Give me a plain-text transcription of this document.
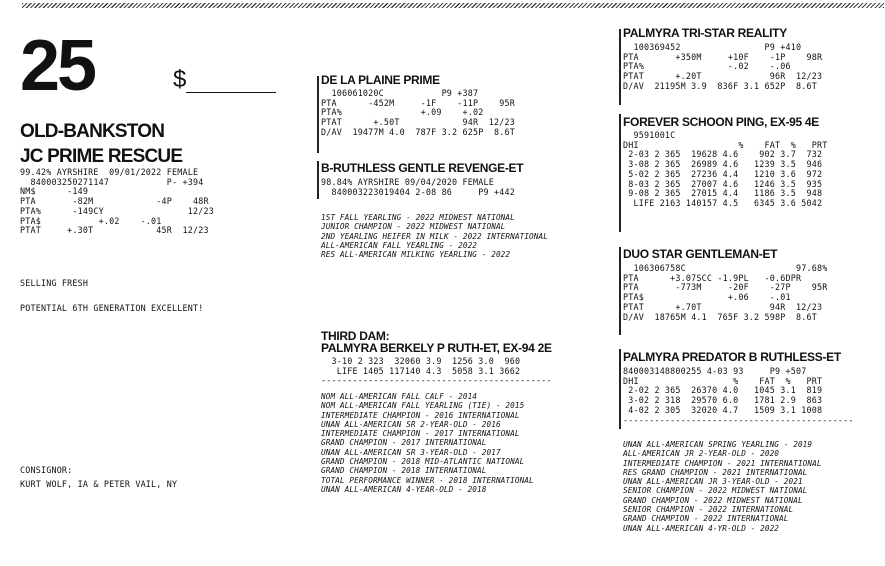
25	$
OLD-BANKSTON
JC PRIME RESCUE
99.42% AYRSHIRE  09/01/2022 FEMALE
840003250271147           P- +394
NM$      -149
PTA       -82M            -4P    48R
PTA%      -149CY                12/23
PTA$           +.02    -.01
PTAT     +.30T            45R  12/23
SELLING FRESH
POTENTIAL 6TH GENERATION EXCELLENT!
CONSIGNOR:
KURT WOLF, IA & PETER VAIL, NY
DE LA PLAINE PRIME
106061020C           P9 +387
PTA      -452M     -1F    -11P    95R
PTA%               +.09    +.02
PTAT      +.50T            94R  12/23
D/AV  19477M 4.0  787F 3.2 625P  8.6T
B-RUTHLESS GENTLE REVENGE-ET
98.84% AYRSHIRE 09/04/2020 FEMALE
840003223019404 2-08 86     P9 +442
1ST FALL YEARLING - 2022 MIDWEST NATIONAL
JUNIOR CHAMPION - 2022 MIDWEST NATIONAL
2ND YEARLING HEIFER IN MILK - 2022 INTERNATIONAL
ALL-AMERICAN FALL YEARLING - 2022
RES ALL-AMERICAN MILKING YEARLING - 2022
THIRD DAM:
PALMYRA BERKELY P RUTH-ET, EX-94 2E
3-10 2 323  32060 3.9  1256 3.0  960
LIFE 1405 117140 4.3  5058 3.1 3662
--------------------------------------------
NOM ALL-AMERICAN FALL CALF - 2014
NOM ALL-AMERICAN FALL YEARLING (TIE) - 2015
INTERMEDIATE CHAMPION - 2016 INTERNATIONAL
UNAN ALL-AMERICAN SR 2-YEAR-OLD - 2016
INTERMEDIATE CHAMPION - 2017 INTERNATIONAL
GRAND CHAMPION - 2017 INTERNATIONAL
UNAN ALL-AMERICAN SR 3-YEAR-OLD - 2017
GRAND CHAMPION - 2018 MID-ATLANTIC NATIONAL
GRAND CHAMPION - 2018 INTERNATIONAL
TOTAL PERFORMANCE WINNER - 2018 INTERNATIONAL
UNAN ALL-AMERICAN 4-YEAR-OLD - 2018
PALMYRA TRI-STAR REALITY
100369452                P9 +410
PTA       +350M     +10F    -1P    98R
PTA%                -.02    -.06
PTAT      +.20T             96R  12/23
D/AV  21195M 3.9  836F 3.1 652P  8.6T
FOREVER SCHOON PING, EX-95 4E
9591001C
DHI                   %    FAT  %   PRT
2-03 2 365  19628 4.6    902 3.7  732
3-08 2 365  26989 4.6   1239 3.5  946
5-02 2 365  27236 4.4   1210 3.6  972
8-03 2 365  27007 4.6   1246 3.5  935
9-08 2 365  27015 4.4   1186 3.5  948
LIFE 2163 140157 4.5   6345 3.6 5042
DUO STAR GENTLEMAN-ET
106306758C                     97.68%
PTA      +3.07SCC -1.9PL   -0.6DPR
PTA       -773M     -20F    -27P    95R
PTA$                +.06    -.01
PTAT      +.70T             94R  12/23
D/AV  18765M 4.1  765F 3.2 598P  8.6T
PALMYRA PREDATOR B RUTHLESS-ET
840003148800255 4-03 93     P9 +507
DHI                  %    FAT  %   PRT
2-02 2 365  26370 4.0   1045 3.1  819
3-02 2 318  29570 6.0   1781 2.9  863
4-02 2 305  32020 4.7   1509 3.1 1008
--------------------------------------------
UNAN ALL-AMERICAN SPRING YEARLING - 2019
ALL-AMERICAN JR 2-YEAR-OLD - 2020
INTERMEDIATE CHAMPION - 2021 INTERNATIONAL
RES GRAND CHAMPION - 2021 INTERNATIONAL
UNAN ALL-AMERICAN JR 3-YEAR-OLD - 2021
SENIOR CHAMPION - 2022 MIDWEST NATIONAL
GRAND CHAMPION - 2022 MIDWEST NATIONAL
SENIOR CHAMPION - 2022 INTERNATIONAL
GRAND CHAMPION - 2022 INTERNATIONAL
UNAN ALL-AMERICAN 4-YR-OLD - 2022
